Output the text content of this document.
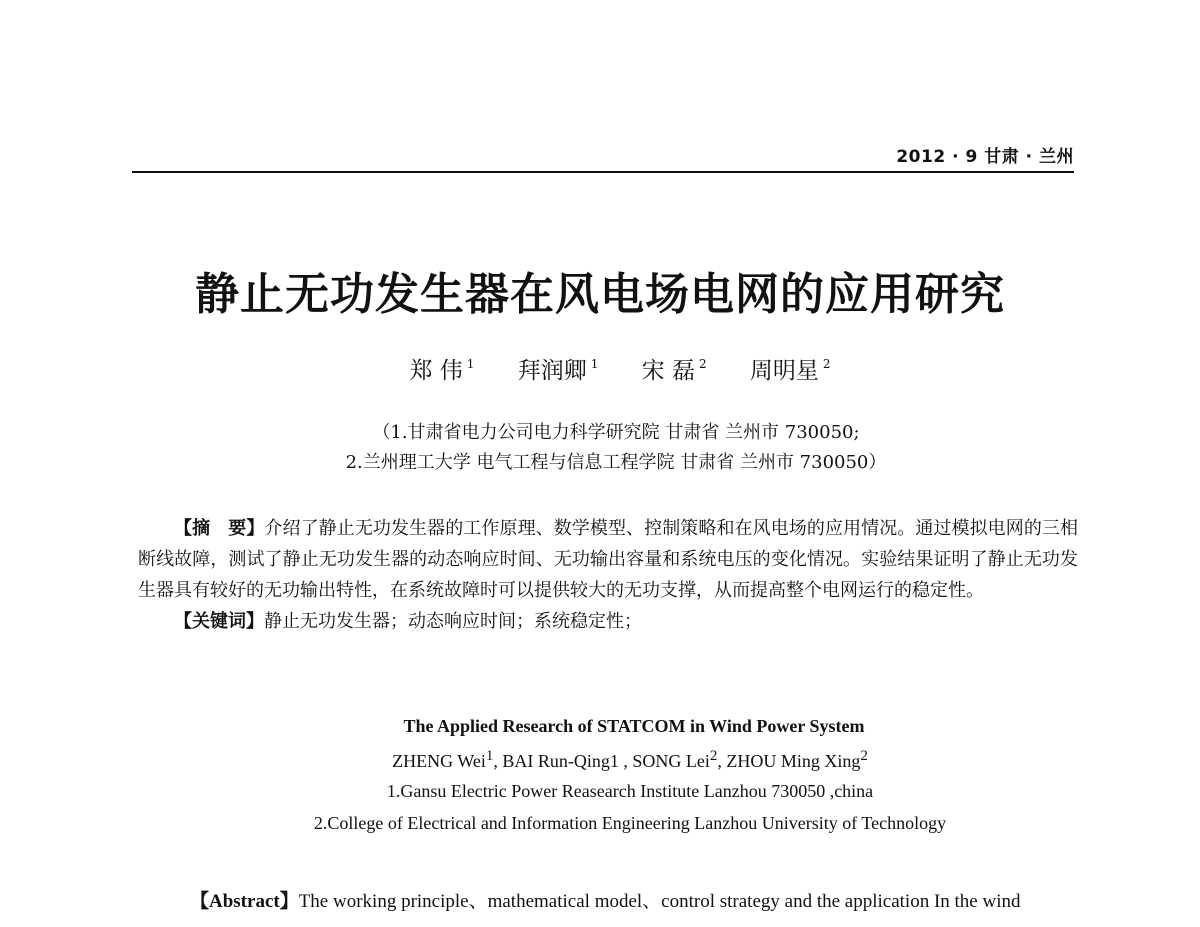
2012 · 9 甘肃 · 兰州
静止无功发生器在风电场电网的应用研究
郑 伟 $^1$ 拜润卿 $^1$ 宋 磊 $^2$ 周明星 $^2$
（1.甘肃省电力公司电力科学研究院 甘肃省 兰州市 730050;
2.兰州理工大学 电气工程与信息工程学院 甘肃省 兰州市 730050）

【摘　要】介绍了静止无功发生器的工作原理、数学模型、控制策略和在风电场的应用情况。通过模拟电网的三相断线故障，测试了静止无功发生器的动态响应时间、无功输出容量和系统电压的变化情况。实验结果证明了静止无功发生器具有较好的无功输出特性，在系统故障时可以提供较大的无功支撑，从而提高整个电网运行的稳定性。

【关键词】静止无功发生器；动态响应时间；系统稳定性；

The Applied Research of STATCOM in Wind Power System
ZHENG Wei$^1$, BAI Run-Qing1 , SONG Lei$^2$, ZHOU Ming Xing$^2$
1.Gansu Electric Power Reasearch Institute Lanzhou 730050 ,china
2.College of Electrical and Information Engineering Lanzhou University of Technology
【Abstract】The working principle、mathematical model、control strategy and the application In the wind
